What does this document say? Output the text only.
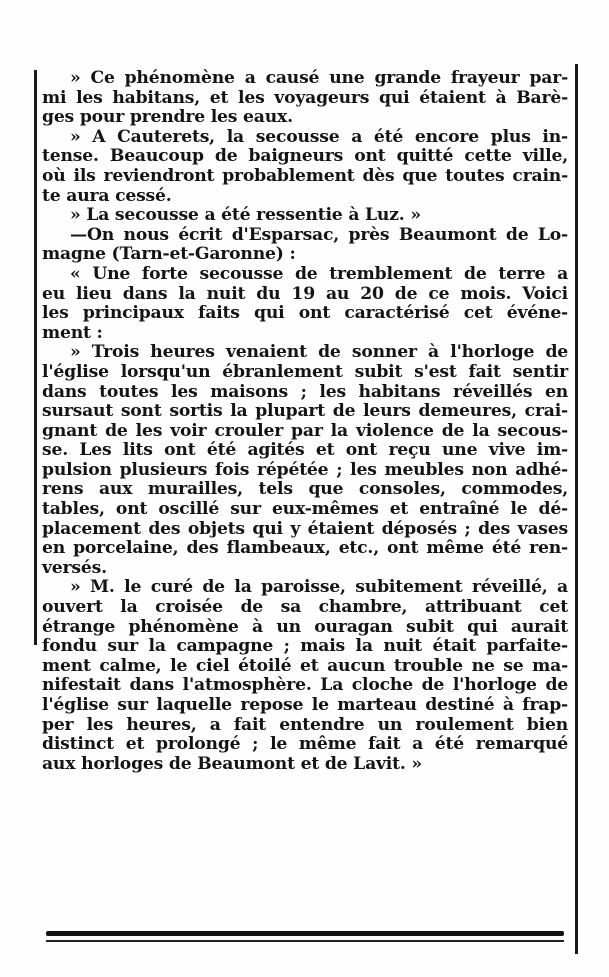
» Ce phénomène a causé une grande frayeur par-
mi les habitans, et les voyageurs qui étaient à Barè-
ges pour prendre les eaux.
» A Cauterets, la secousse a été encore plus in-
tense. Beaucoup de baigneurs ont quitté cette ville,
où ils reviendront probablement dès que toutes crain-
te aura cessé.
» La secousse a été ressentie à Luz. »
—On nous écrit d'Esparsac, près Beaumont de Lo-
magne (Tarn-et-Garonne) :
« Une forte secousse de tremblement de terre a
eu lieu dans la nuit du 19 au 20 de ce mois. Voici
les principaux faits qui ont caractérisé cet événe-
ment :
» Trois heures venaient de sonner à l'horloge de
l'église lorsqu'un ébranlement subit s'est fait sentir
dans toutes les maisons ; les habitans réveillés en
sursaut sont sortis la plupart de leurs demeures, crai-
gnant de les voir crouler par la violence de la secous-
se. Les lits ont été agités et ont reçu une vive im-
pulsion plusieurs fois répétée ; les meubles non adhé-
rens aux murailles, tels que consoles, commodes,
tables, ont oscillé sur eux-mêmes et entraîné le dé-
placement des objets qui y étaient déposés ; des vases
en porcelaine, des flambeaux, etc., ont même été ren-
versés.
» M. le curé de la paroisse, subitement réveillé, a
ouvert la croisée de sa chambre, attribuant cet
étrange phénomène à un ouragan subit qui aurait
fondu sur la campagne ; mais la nuit était parfaite-
ment calme, le ciel étoilé et aucun trouble ne se ma-
nifestait dans l'atmosphère. La cloche de l'horloge de
l'église sur laquelle repose le marteau destiné à frap-
per les heures, a fait entendre un roulement bien
distinct et prolongé ; le même fait a été remarqué
aux horloges de Beaumont et de Lavit. »
